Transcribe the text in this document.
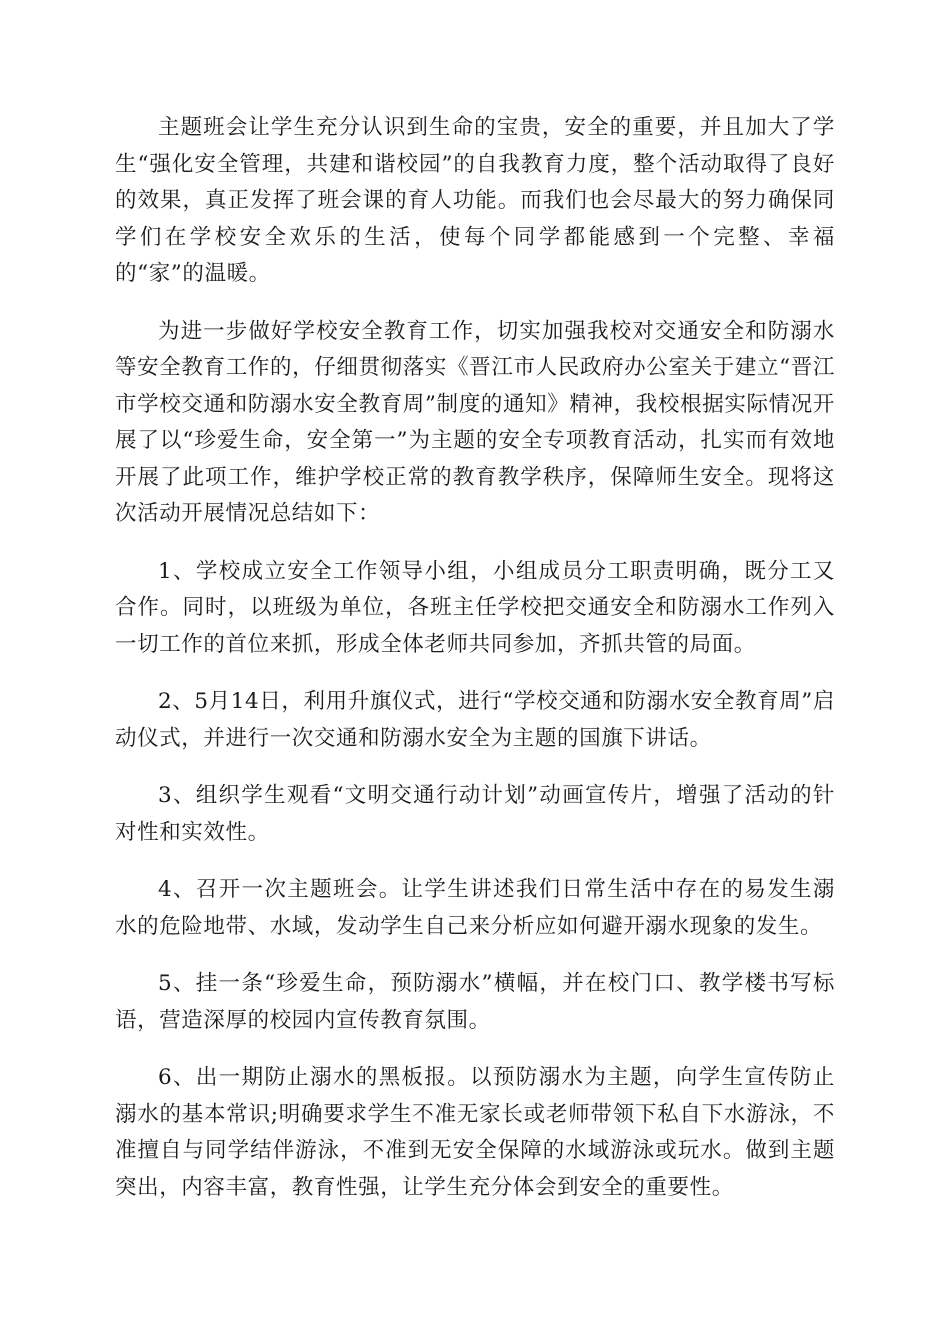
主题班会让学生充分认识到生命的宝贵，安全的重要，并且加大了学生“强化安全管理，共建和谐校园”的自我教育力度，整个活动取得了良好的效果，真正发挥了班会课的育人功能。而我们也会尽最大的努力确保同学们在学校安全欢乐的生活，使每个同学都能感到一个完整、幸福的“家”的温暖。

为进一步做好学校安全教育工作，切实加强我校对交通安全和防溺水等安全教育工作的，仔细贯彻落实《晋江市人民政府办公室关于建立“晋江市学校交通和防溺水安全教育周”制度的通知》精神，我校根据实际情况开展了以“珍爱生命，安全第一”为主题的安全专项教育活动，扎实而有效地开展了此项工作，维护学校正常的教育教学秩序，保障师生安全。现将这次活动开展情况总结如下：

1、学校成立安全工作领导小组，小组成员分工职责明确，既分工又合作。同时，以班级为单位，各班主任学校把交通安全和防溺水工作列入一切工作的首位来抓，形成全体老师共同参加，齐抓共管的局面。

2、5月14日，利用升旗仪式，进行“学校交通和防溺水安全教育周”启动仪式，并进行一次交通和防溺水安全为主题的国旗下讲话。

3、组织学生观看“文明交通行动计划”动画宣传片，增强了活动的针对性和实效性。

4、召开一次主题班会。让学生讲述我们日常生活中存在的易发生溺水的危险地带、水域，发动学生自己来分析应如何避开溺水现象的发生。

5、挂一条“珍爱生命，预防溺水”横幅，并在校门口、教学楼书写标语，营造深厚的校园内宣传教育氛围。

6、出一期防止溺水的黑板报。以预防溺水为主题，向学生宣传防止溺水的基本常识;明确要求学生不准无家长或老师带领下私自下水游泳，不准擅自与同学结伴游泳，不准到无安全保障的水域游泳或玩水。做到主题突出，内容丰富，教育性强，让学生充分体会到安全的重要性。
